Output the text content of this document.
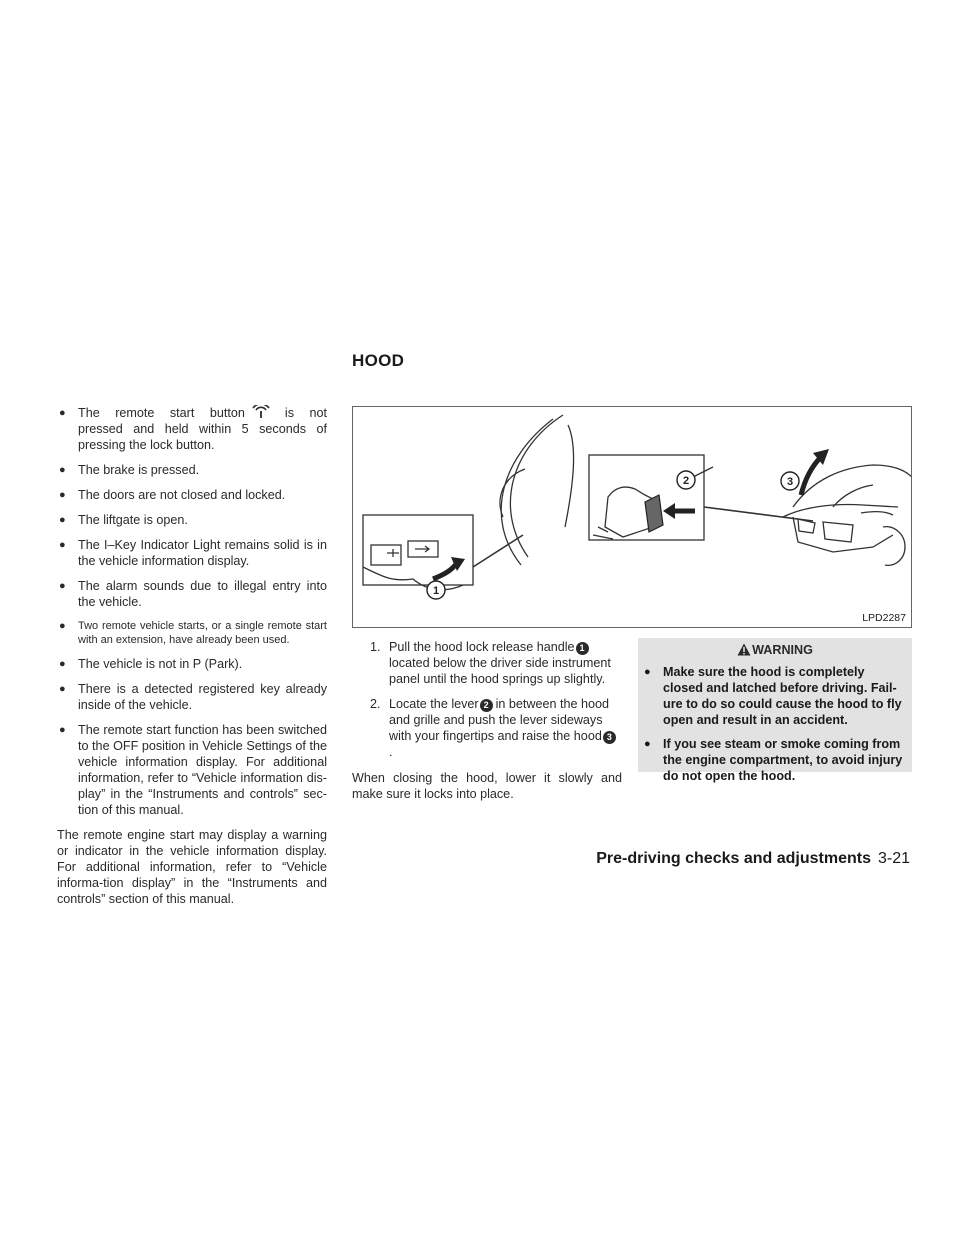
HOOD
● The remote start button	is not pressed and held within 5 seconds of pressing the lock button.
● The brake is pressed.
● The doors are not closed and locked.
● The liftgate is open.
● The I–Key Indicator Light remains solid is in the vehicle information display.
● The alarm sounds due to illegal entry into the vehicle.
● Two remote vehicle starts, or a single remote start with an extension, have already been used.
● The vehicle is not in P (Park).
● There is a detected registered key already inside of the vehicle.
● The remote start function has been switched to the OFF position in Vehicle Settings of the vehicle information display. For additional information, refer to “Vehicle information dis-play” in the “Instruments and controls” sec-tion of this manual.

The remote engine start may display a warning or indicator in the vehicle information display. For additional information, refer to “Vehicle informa-tion display” in the “Instruments and controls” section of this manual.

1
2	3
LPD2287
1. Pull the hood lock release handle 1located below the driver side instrument panel until the hood springs up slightly.
2. Locate the lever 2 in between the hood and grille and push the lever sideways with your fingertips and raise the hood 3.

When closing the hood, lower it slowly and make sure it locks into place.

WARNING
● Make sure the hood is completely closed and latched before driving. Fail-ure to do so could cause the hood to fly open and result in an accident.
● If you see steam or smoke coming from the engine compartment, to avoid injury do not open the hood.
Pre-driving checks and adjustments 3-21
